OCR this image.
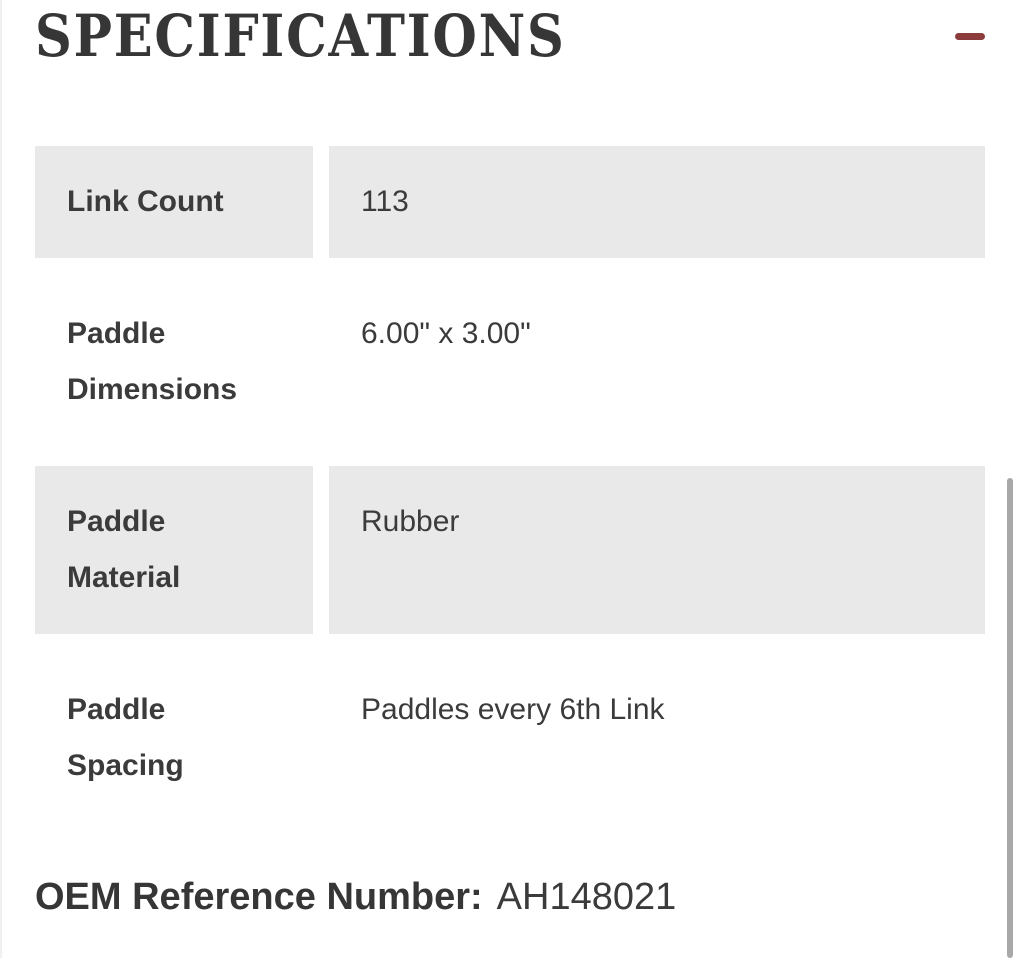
SPECIFICATIONS
Link Count	113
Paddle Dimensions
6.00" x 3.00"
Paddle Material
Rubber
Paddle Spacing
Paddles every 6th Link
OEM Reference Number: AH148021
